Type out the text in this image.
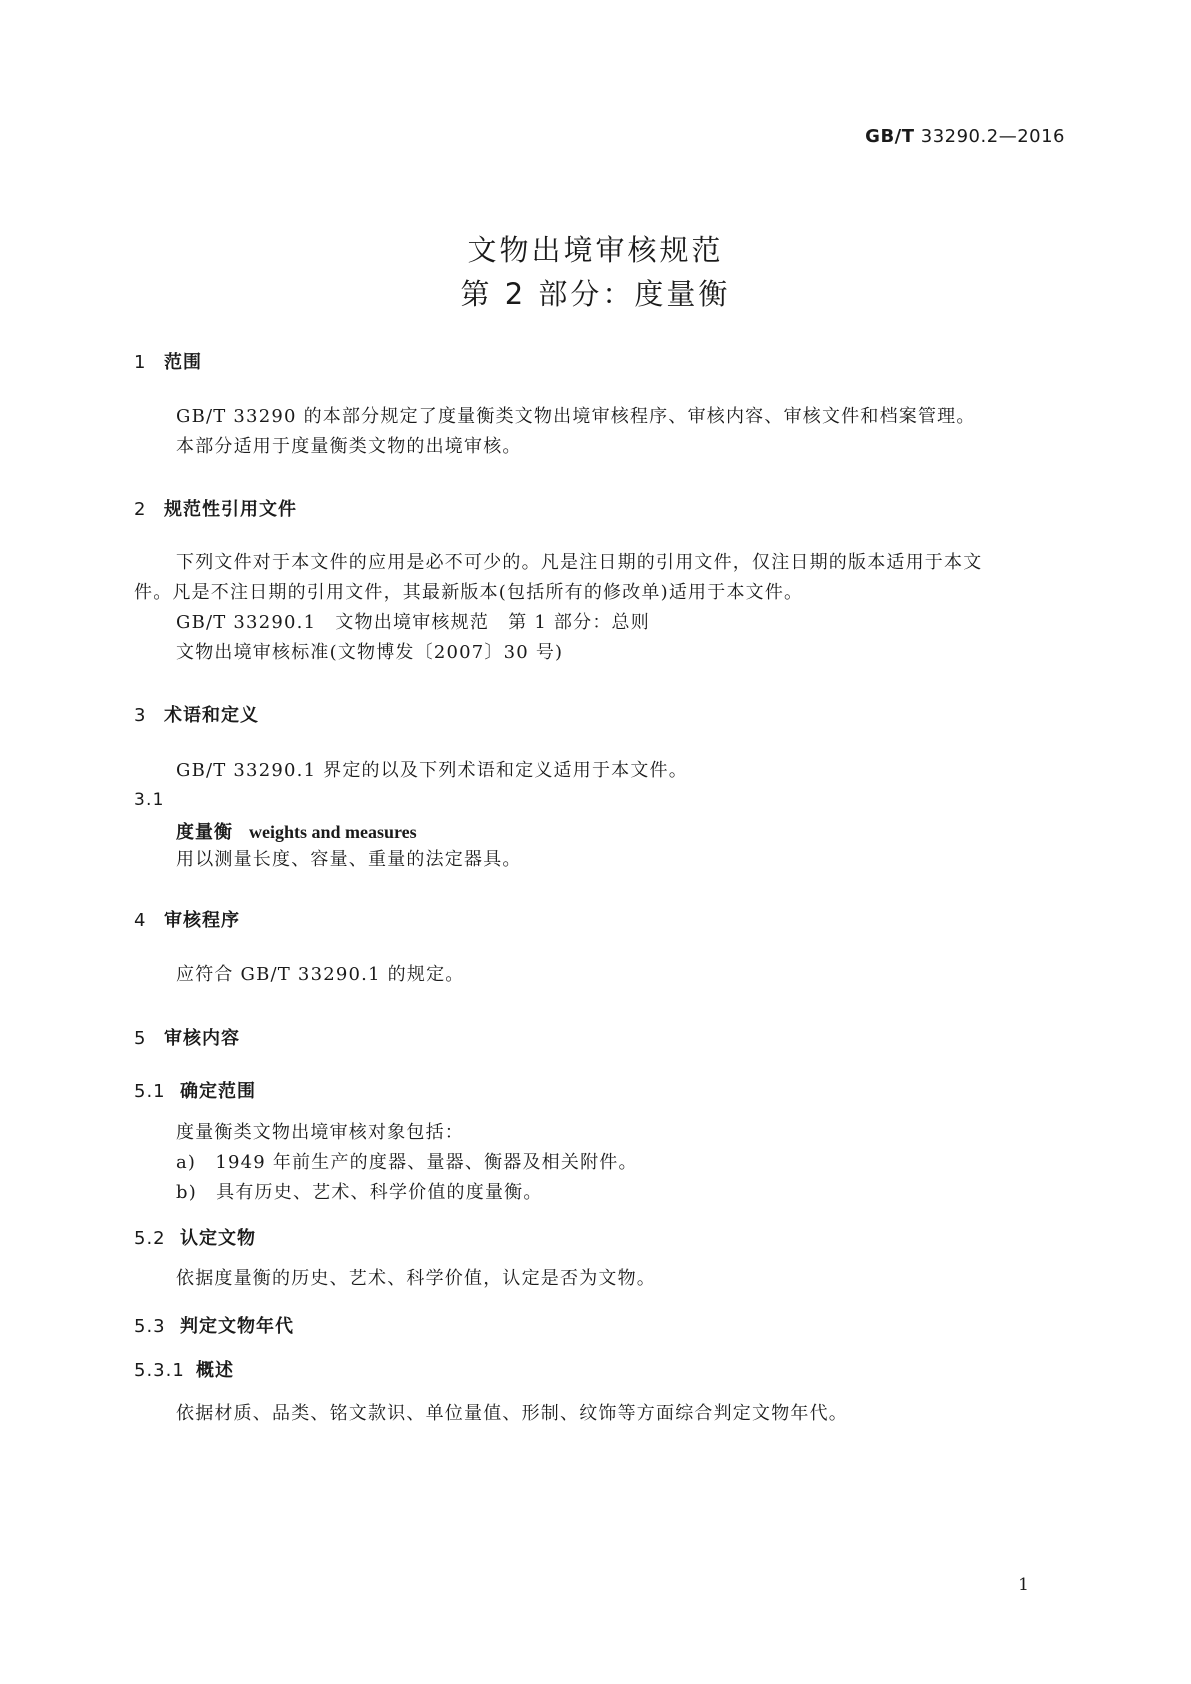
GB/T 33290.2—2016
文物出境审核规范
第 2 部分：度量衡
1 范围
GB/T 33290 的本部分规定了度量衡类文物出境审核程序、审核内容、审核文件和档案管理。
本部分适用于度量衡类文物的出境审核。
2 规范性引用文件
下列文件对于本文件的应用是必不可少的。凡是注日期的引用文件，仅注日期的版本适用于本文
件。凡是不注日期的引用文件，其最新版本(包括所有的修改单)适用于本文件。
GB/T 33290.1　文物出境审核规范　第 1 部分：总则
文物出境审核标准(文物博发〔2007〕30 号)
3 术语和定义
GB/T 33290.1 界定的以及下列术语和定义适用于本文件。
3.1
度量衡 weights and measures
用以测量长度、容量、重量的法定器具。
4 审核程序
应符合 GB/T 33290.1 的规定。
5 审核内容
5.1 确定范围
度量衡类文物出境审核对象包括：
a)　1949 年前生产的度器、量器、衡器及相关附件。
b)　具有历史、艺术、科学价值的度量衡。
5.2 认定文物
依据度量衡的历史、艺术、科学价值，认定是否为文物。
5.3 判定文物年代
5.3.1 概述
依据材质、品类、铭文款识、单位量值、形制、纹饰等方面综合判定文物年代。
1
